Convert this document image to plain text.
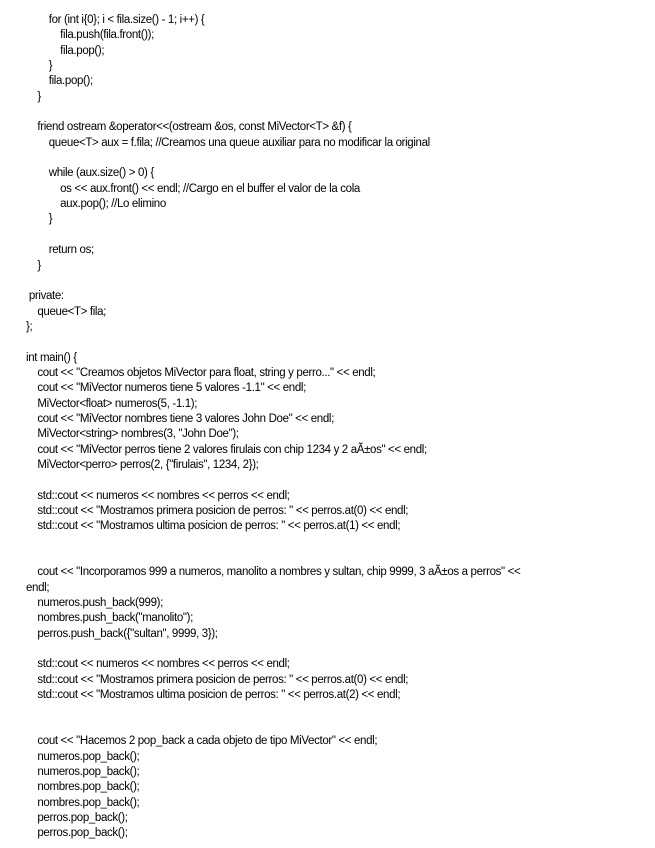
for (int i{0}; i < fila.size() - 1; i++) {
fila.push(fila.front());
fila.pop();
}
fila.pop();
}
friend ostream &operator<<(ostream &os, const MiVector<T> &f) {
queue<T> aux = f.fila; //Creamos una queue auxiliar para no modificar la original
while (aux.size() > 0) {
os << aux.front() << endl; //Cargo en el buffer el valor de la cola
aux.pop(); //Lo elimino
}
return os;
}
private:
queue<T> fila;
};
int main() {
cout << "Creamos objetos MiVector para float, string y perro..." << endl;
cout << "MiVector numeros tiene 5 valores -1.1" << endl;
MiVector<float> numeros(5, -1.1);
cout << "MiVector nombres tiene 3 valores John Doe" << endl;
MiVector<string> nombres(3, "John Doe");
cout << "MiVector perros tiene 2 valores firulais con chip 1234 y 2 aÃ±os" << endl;
MiVector<perro> perros(2, {"firulais", 1234, 2});
std::cout << numeros << nombres << perros << endl;
std::cout << "Mostramos primera posicion de perros: " << perros.at(0) << endl;
std::cout << "Mostramos ultima posicion de perros: " << perros.at(1) << endl;
cout << "Incorporamos 999 a numeros, manolito a nombres y sultan, chip 9999, 3 aÃ±os a perros" <<
endl;
numeros.push_back(999);
nombres.push_back("manolito");
perros.push_back({"sultan", 9999, 3});
std::cout << numeros << nombres << perros << endl;
std::cout << "Mostramos primera posicion de perros: " << perros.at(0) << endl;
std::cout << "Mostramos ultima posicion de perros: " << perros.at(2) << endl;
cout << "Hacemos 2 pop_back a cada objeto de tipo MiVector" << endl;
numeros.pop_back();
numeros.pop_back();
nombres.pop_back();
nombres.pop_back();
perros.pop_back();
perros.pop_back();
